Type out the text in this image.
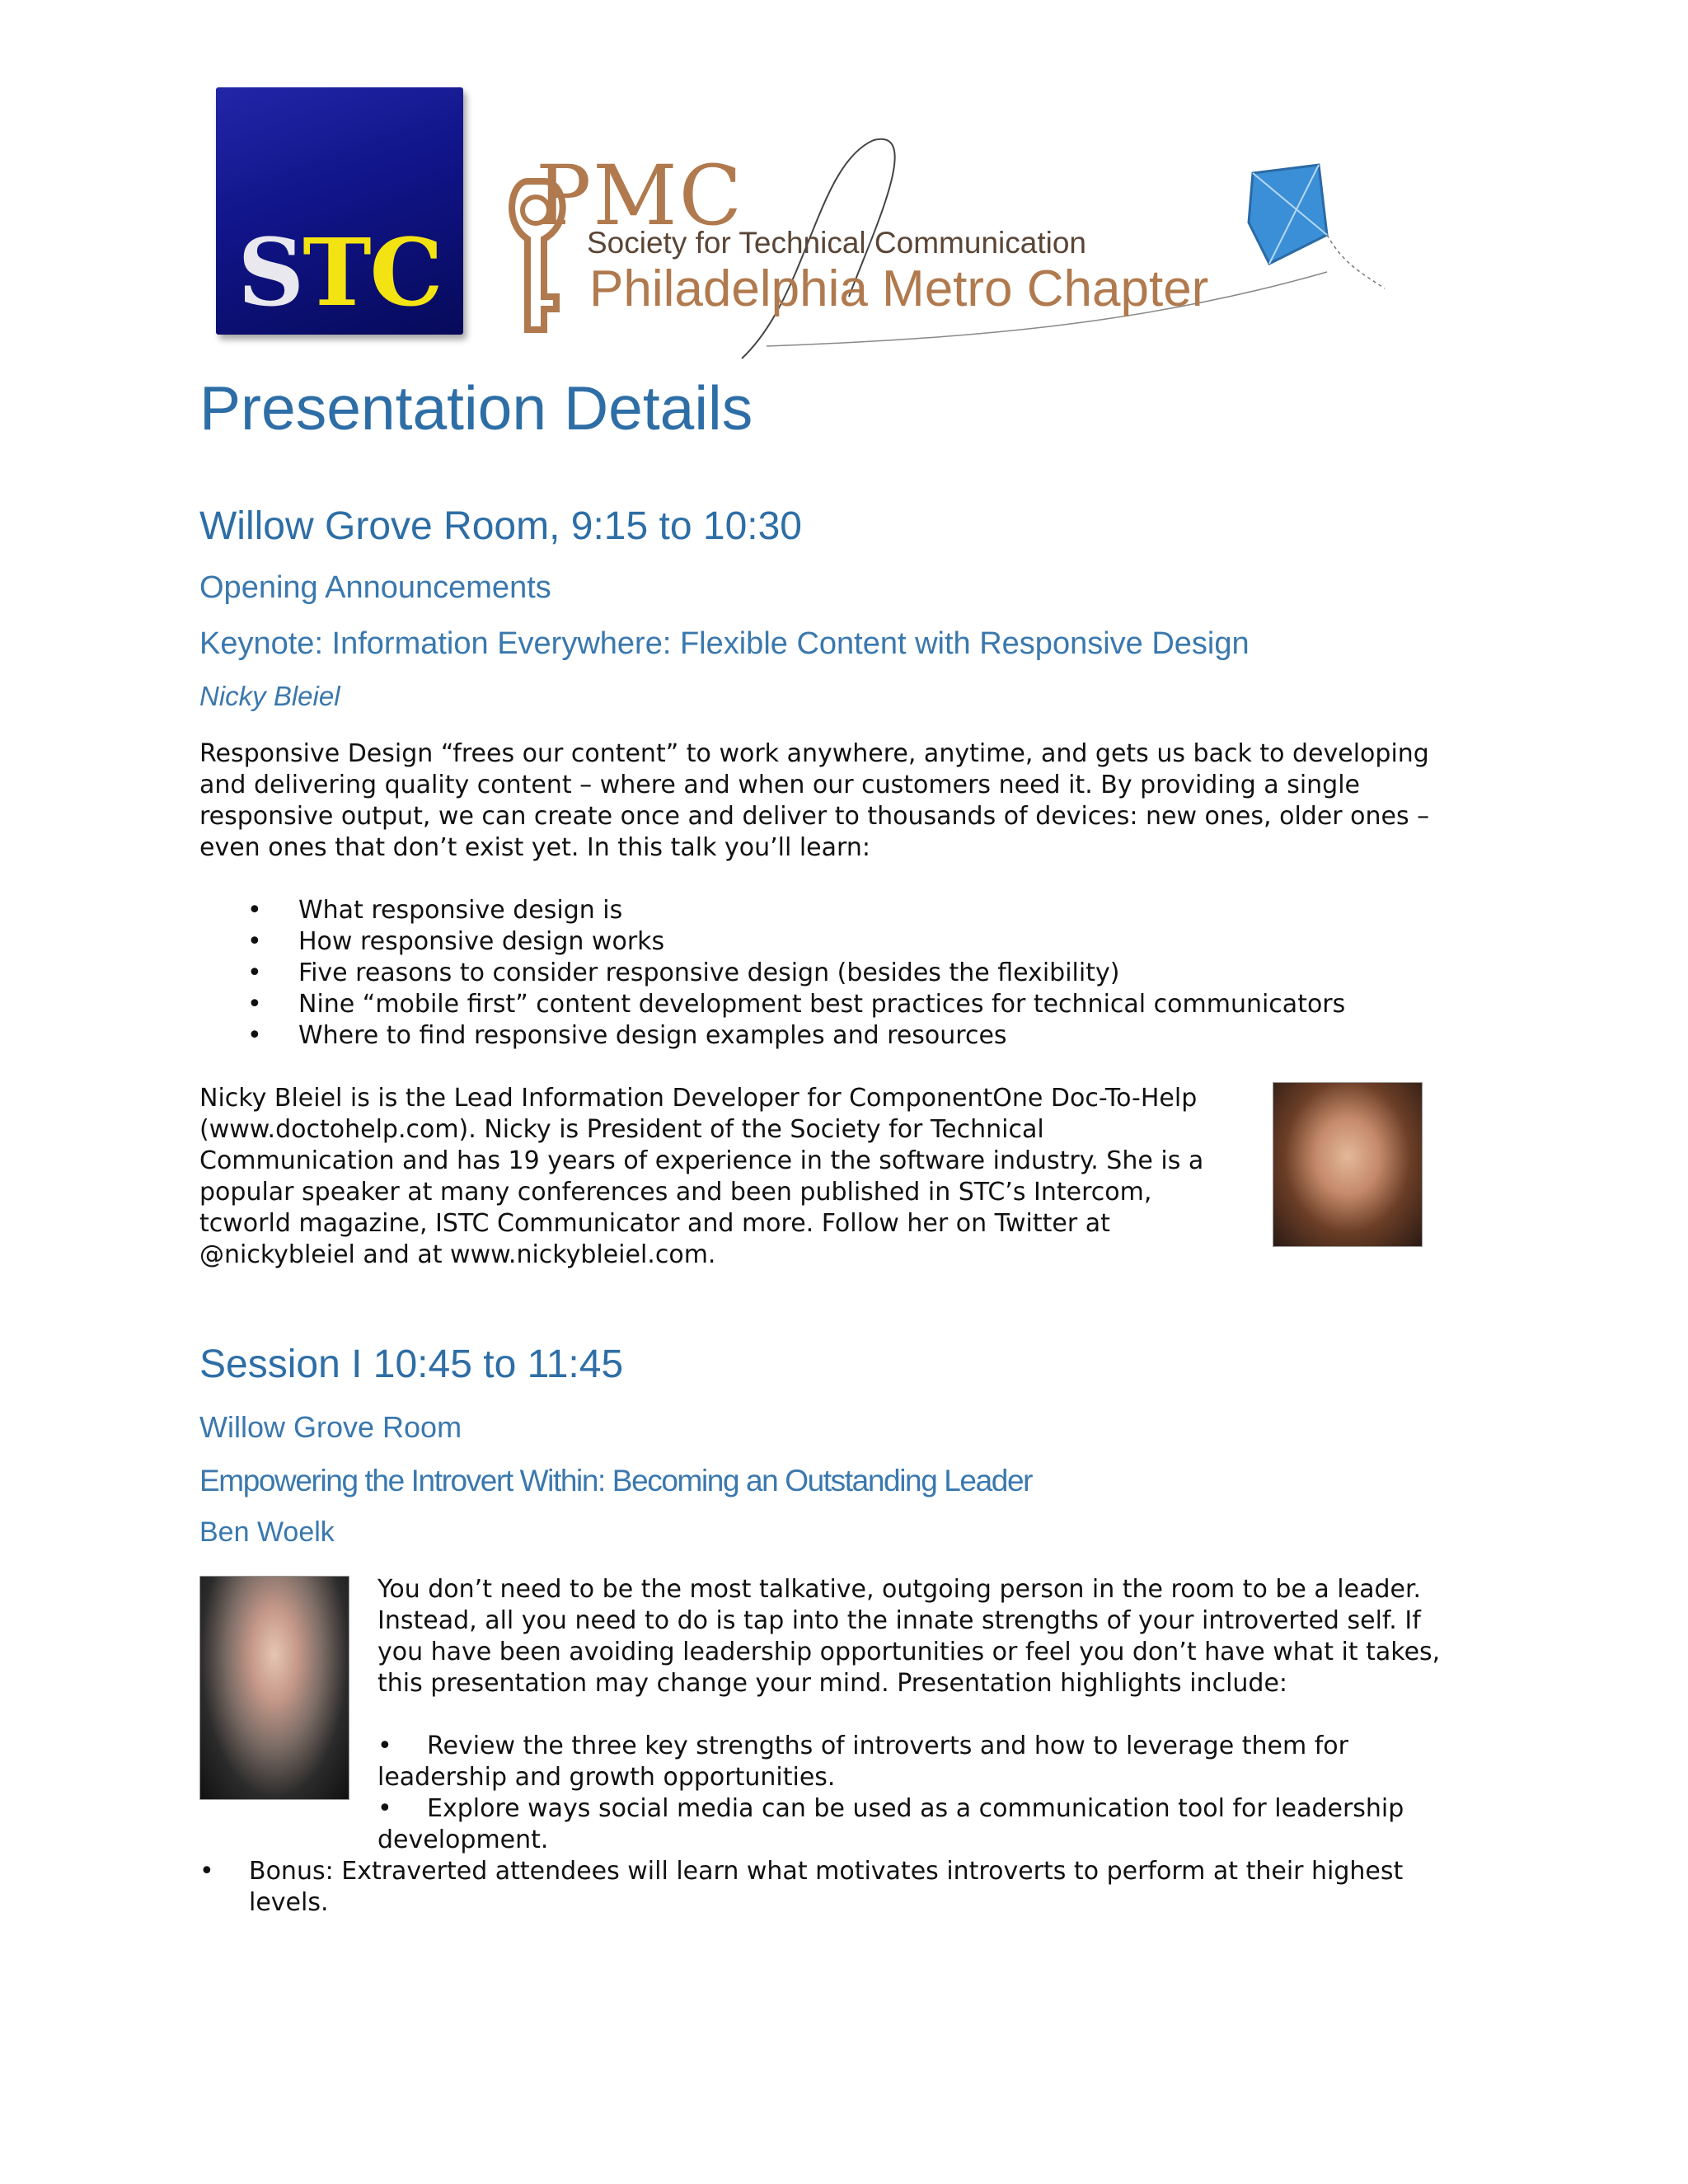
STC
PMC
Society for Technical Communication
Philadelphia Metro Chapter
Presentation Details
Willow Grove Room, 9:15 to 10:30
Opening Announcements
Keynote: Information Everywhere: Flexible Content with Responsive Design
Nicky Bleiel
Responsive Design “frees our content” to work anywhere, anytime, and gets us back to developing
and delivering quality content – where and when our customers need it. By providing a single
responsive output, we can create once and deliver to thousands of devices: new ones, older ones –
even ones that don’t exist yet. In this talk you’ll learn:
• What responsive design is
• How responsive design works
• Five reasons to consider responsive design (besides the flexibility)
• Nine “mobile first” content development best practices for technical communicators
• Where to find responsive design examples and resources
Nicky Bleiel is is the Lead Information Developer for ComponentOne Doc-To-Help
(www.doctohelp.com). Nicky is President of the Society for Technical
Communication and has 19 years of experience in the software industry. She is a
popular speaker at many conferences and been published in STC’s Intercom,
tcworld magazine, ISTC Communicator and more. Follow her on Twitter at
@nickybleiel and at www.nickybleiel.com.
Session I 10:45 to 11:45
Willow Grove Room
Empowering the Introvert Within: Becoming an Outstanding Leader
Ben Woelk
You don’t need to be the most talkative, outgoing person in the room to be a leader.
Instead, all you need to do is tap into the innate strengths of your introverted self. If
you have been avoiding leadership opportunities or feel you don’t have what it takes,
this presentation may change your mind. Presentation highlights include:
• Review the three key strengths of introverts and how to leverage them for
leadership and growth opportunities.
• Explore ways social media can be used as a communication tool for leadership
development.
• Bonus: Extraverted attendees will learn what motivates introverts to perform at their highest
levels.
